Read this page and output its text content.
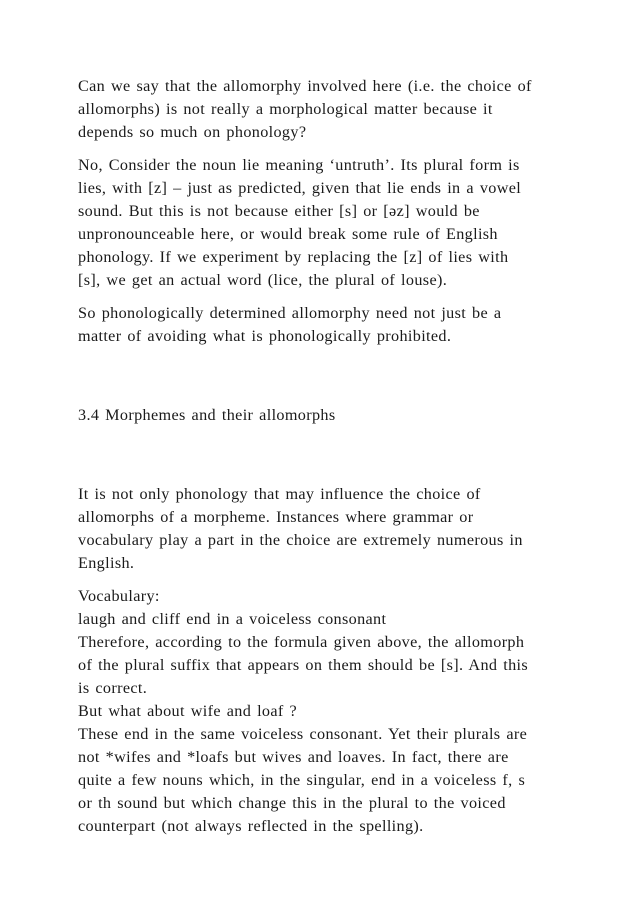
Can we say that the allomorphy involved here (i.e. the choice of

allomorphs) is not really a morphological matter because it

depends so much on phonology?

No, Consider the noun lie meaning ‘untruth’. Its plural form is

lies, with [z] – just as predicted, given that lie ends in a vowel

sound. But this is not because either [s] or [əz] would be

unpronounceable here, or would break some rule of English

phonology. If we experiment by replacing the [z] of lies with

[s], we get an actual word (lice, the plural of louse).

So phonologically determined allomorphy need not just be a

matter of avoiding what is phonologically prohibited.

3.4 Morphemes and their allomorphs

It is not only phonology that may influence the choice of

allomorphs of a morpheme. Instances where grammar or

vocabulary play a part in the choice are extremely numerous in

English.

Vocabulary:

laugh and cliff end in a voiceless consonant

Therefore, according to the formula given above, the allomorph

of the plural suffix that appears on them should be [s]. And this

is correct.

But what about wife and loaf ?

These end in the same voiceless consonant. Yet their plurals are

not *wifes and *loafs but wives and loaves. In fact, there are

quite a few nouns which, in the singular, end in a voiceless f, s

or th sound but which change this in the plural to the voiced

counterpart (not always reflected in the spelling).
